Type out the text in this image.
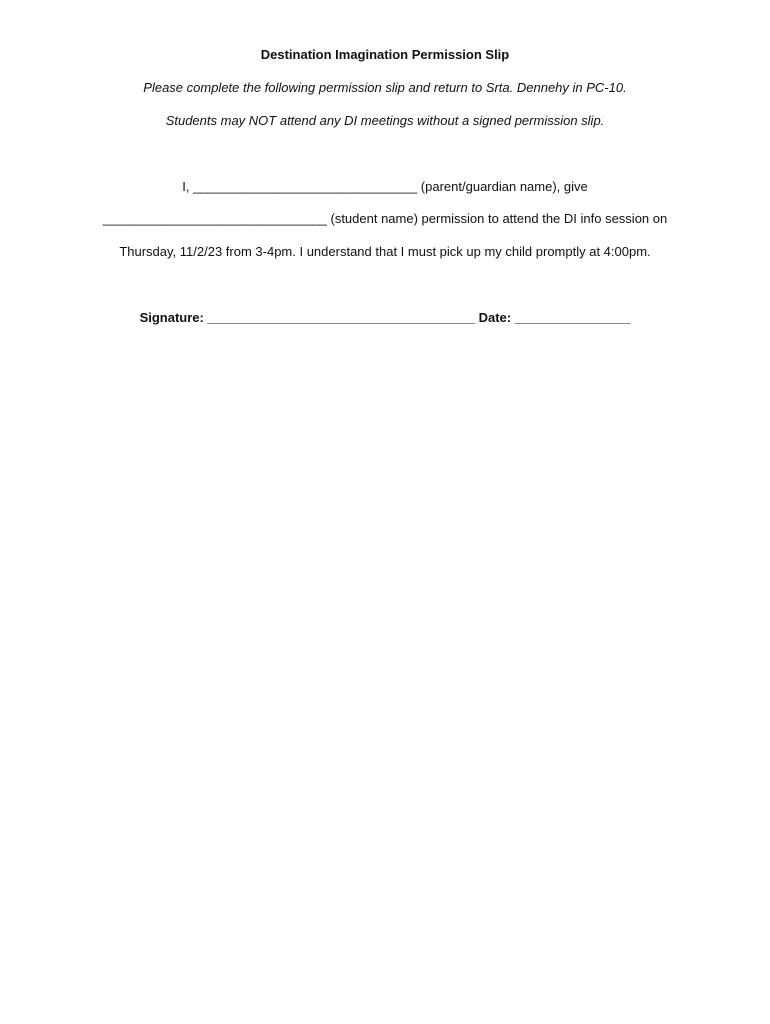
Destination Imagination Permission Slip
Please complete the following permission slip and return to Srta. Dennehy in PC-10.
Students may NOT attend any DI meetings without a signed permission slip.
I, _______________________________ (parent/guardian name), give
_______________________________ (student name) permission to attend the DI info session on
Thursday, 11/2/23 from 3-4pm. I understand that I must pick up my child promptly at 4:00pm.
Signature: _____________________________________ Date: ________________
